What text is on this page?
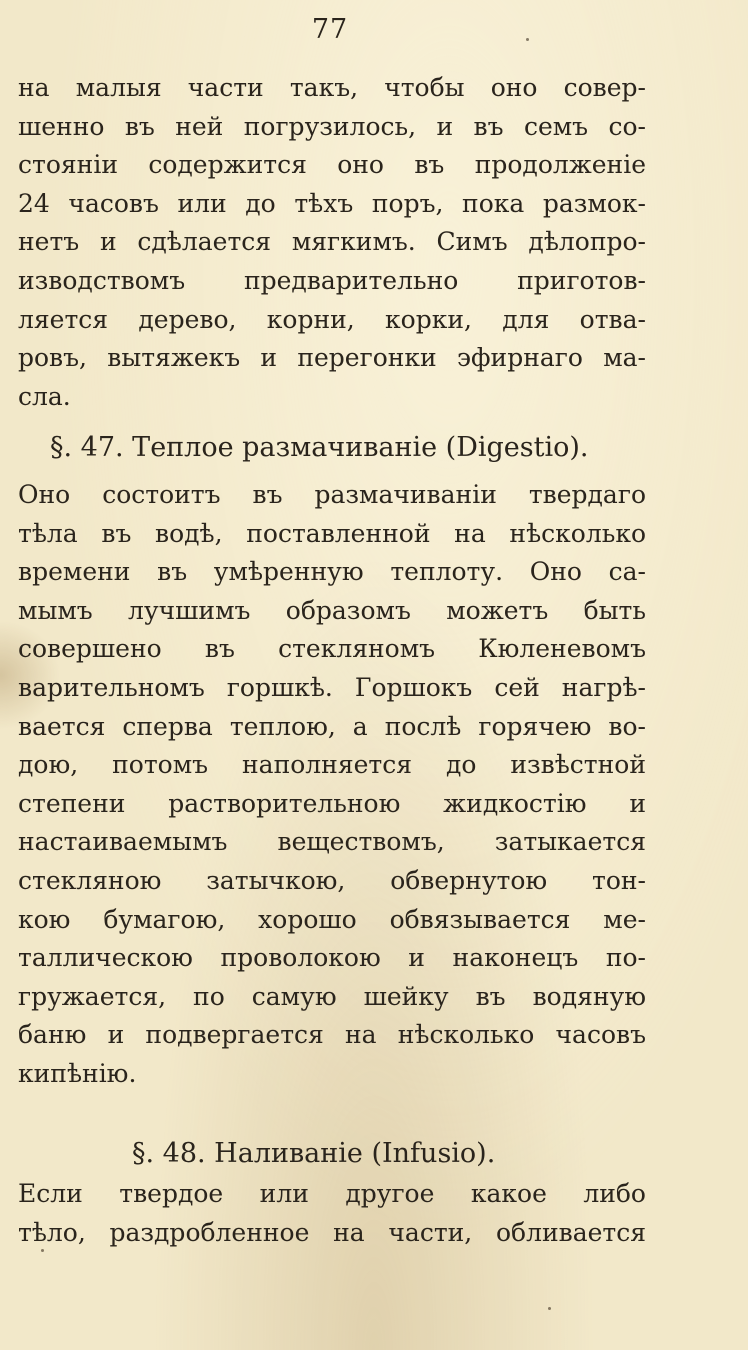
77
на малыя части такъ, чтобы оно совер-
шенно въ ней погрузилось, и въ семъ со-
стояніи содержится оно въ продолженіе
24 часовъ или до тѣхъ поръ, пока размок-
нетъ и сдѣлается мягкимъ. Симъ дѣлопро-
изводствомъ предварительно приготов-
ляется дерево, корни, корки, для отва-
ровъ, вытяжекъ и перегонки эфирнаго ма-
сла.
§. 47. Теплое размачиваніе (Digestio).
Оно состоитъ въ размачиваніи твердаго
тѣла въ водѣ, поставленной на нѣсколько
времени въ умѣренную теплоту. Оно са-
мымъ лучшимъ образомъ можетъ быть
совершено въ стекляномъ Кюленевомъ
варительномъ горшкѣ. Горшокъ сей нагрѣ-
вается сперва теплою, а послѣ горячею во-
дою, потомъ наполняется до извѣстной
степени растворительною жидкостію и
настаиваемымъ веществомъ, затыкается
стекляною затычкою, обвернутою тон-
кою бумагою, хорошо обвязывается ме-
таллическою проволокою и наконецъ по-
гружается, по самую шейку въ водяную
баню и подвергается на нѣсколько часовъ
кипѣнію.
§. 48. Наливаніе (Infusio).
Если твердое или другое какое либо
тѣло, раздробленное на части, обливается
